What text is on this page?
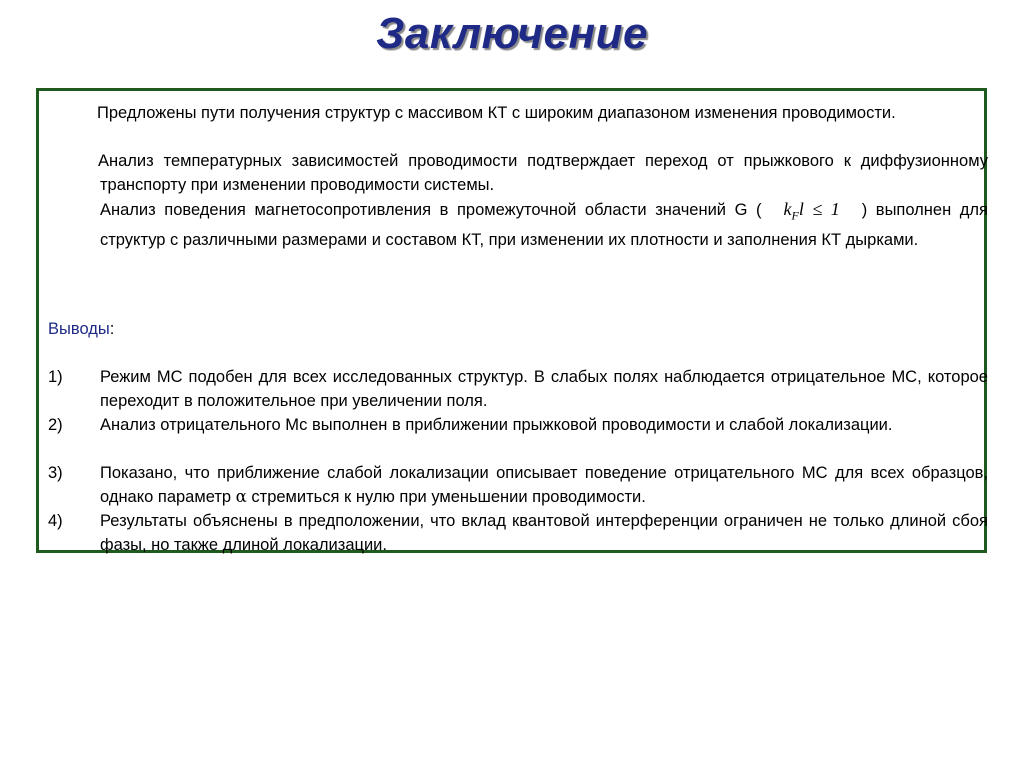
Заключение
Предложены пути получения структур с массивом КТ с широким диапазоном изменения проводимости.
Анализ температурных зависимостей проводимости подтверждает переход от прыжкового к диффузионному транспорту при изменении проводимости системы.
Анализ поведения магнетосопротивления в промежуточной области значений G ( $k_Fl \le 1$ ) выполнен для структур с различными размерами и составом КТ, при изменении их плотности и заполнения КТ дырками.
Выводы:
1) Режим МС подобен для всех исследованных структур. В слабых полях наблюдается отрицательное МС, которое переходит в положительное при увеличении поля.
2) Анализ отрицательного Мс выполнен в приближении прыжковой проводимости и слабой локализации.
3) Показано, что приближение слабой локализации описывает поведение отрицательного МС для всех образцов, однако параметр α стремиться к нулю при уменьшении проводимости.
4) Результаты объяснены в предположении, что вклад квантовой интерференции ограничен не только длиной сбоя фазы, но также длиной локализации.
